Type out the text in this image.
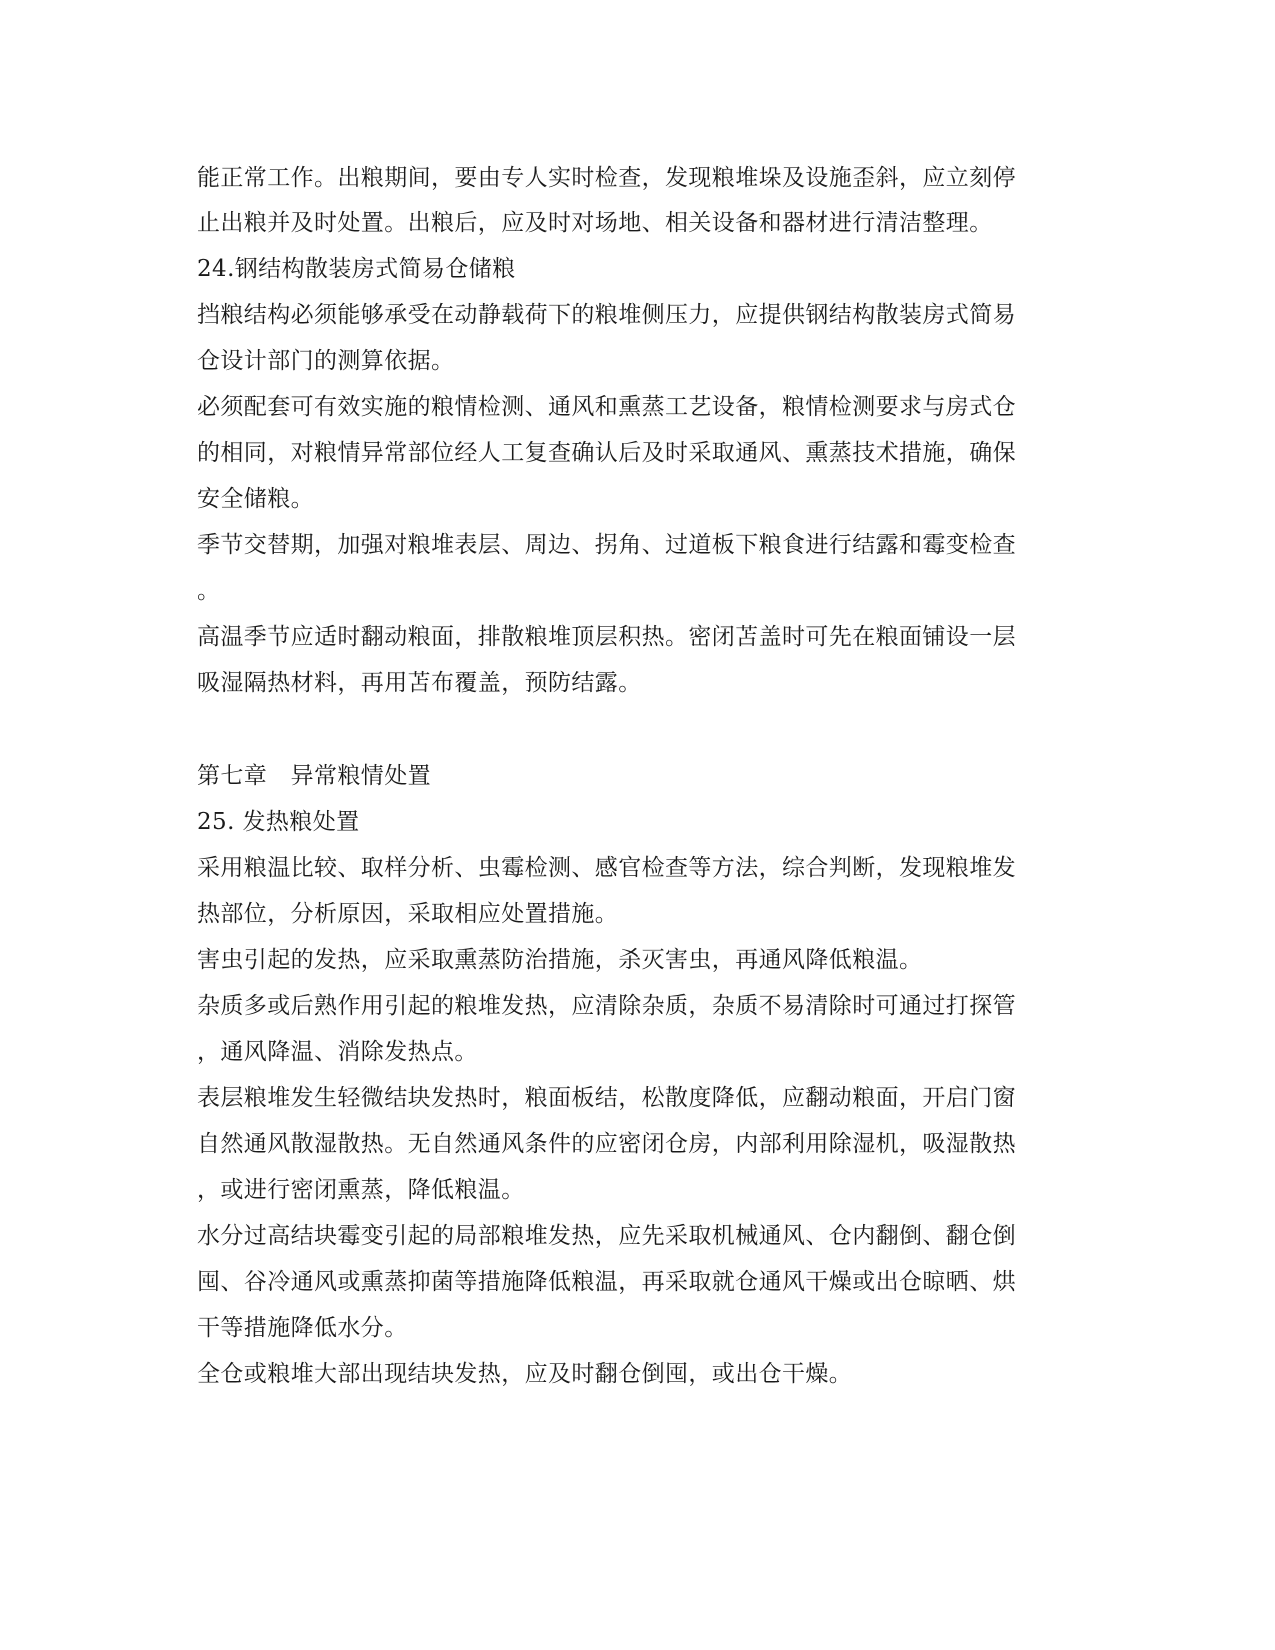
能正常工作。出粮期间，要由专人实时检查，发现粮堆垛及设施歪斜，应立刻停
止出粮并及时处置。出粮后，应及时对场地、相关设备和器材进行清洁整理。
24.钢结构散装房式简易仓储粮
挡粮结构必须能够承受在动静载荷下的粮堆侧压力，应提供钢结构散装房式简易
仓设计部门的测算依据。
必须配套可有效实施的粮情检测、通风和熏蒸工艺设备，粮情检测要求与房式仓
的相同，对粮情异常部位经人工复查确认后及时采取通风、熏蒸技术措施，确保
安全储粮。
季节交替期，加强对粮堆表层、周边、拐角、过道板下粮食进行结露和霉变检查
。
高温季节应适时翻动粮面，排散粮堆顶层积热。密闭苫盖时可先在粮面铺设一层
吸湿隔热材料，再用苫布覆盖，预防结露。
第七章　异常粮情处置
25. 发热粮处置
采用粮温比较、取样分析、虫霉检测、感官检查等方法，综合判断，发现粮堆发
热部位，分析原因，采取相应处置措施。
害虫引起的发热，应采取熏蒸防治措施，杀灭害虫，再通风降低粮温。
杂质多或后熟作用引起的粮堆发热，应清除杂质，杂质不易清除时可通过打探管
，通风降温、消除发热点。
表层粮堆发生轻微结块发热时，粮面板结，松散度降低，应翻动粮面，开启门窗
自然通风散湿散热。无自然通风条件的应密闭仓房，内部利用除湿机，吸湿散热
，或进行密闭熏蒸，降低粮温。
水分过高结块霉变引起的局部粮堆发热，应先采取机械通风、仓内翻倒、翻仓倒
囤、谷冷通风或熏蒸抑菌等措施降低粮温，再采取就仓通风干燥或出仓晾晒、烘
干等措施降低水分。
全仓或粮堆大部出现结块发热，应及时翻仓倒囤，或出仓干燥。
